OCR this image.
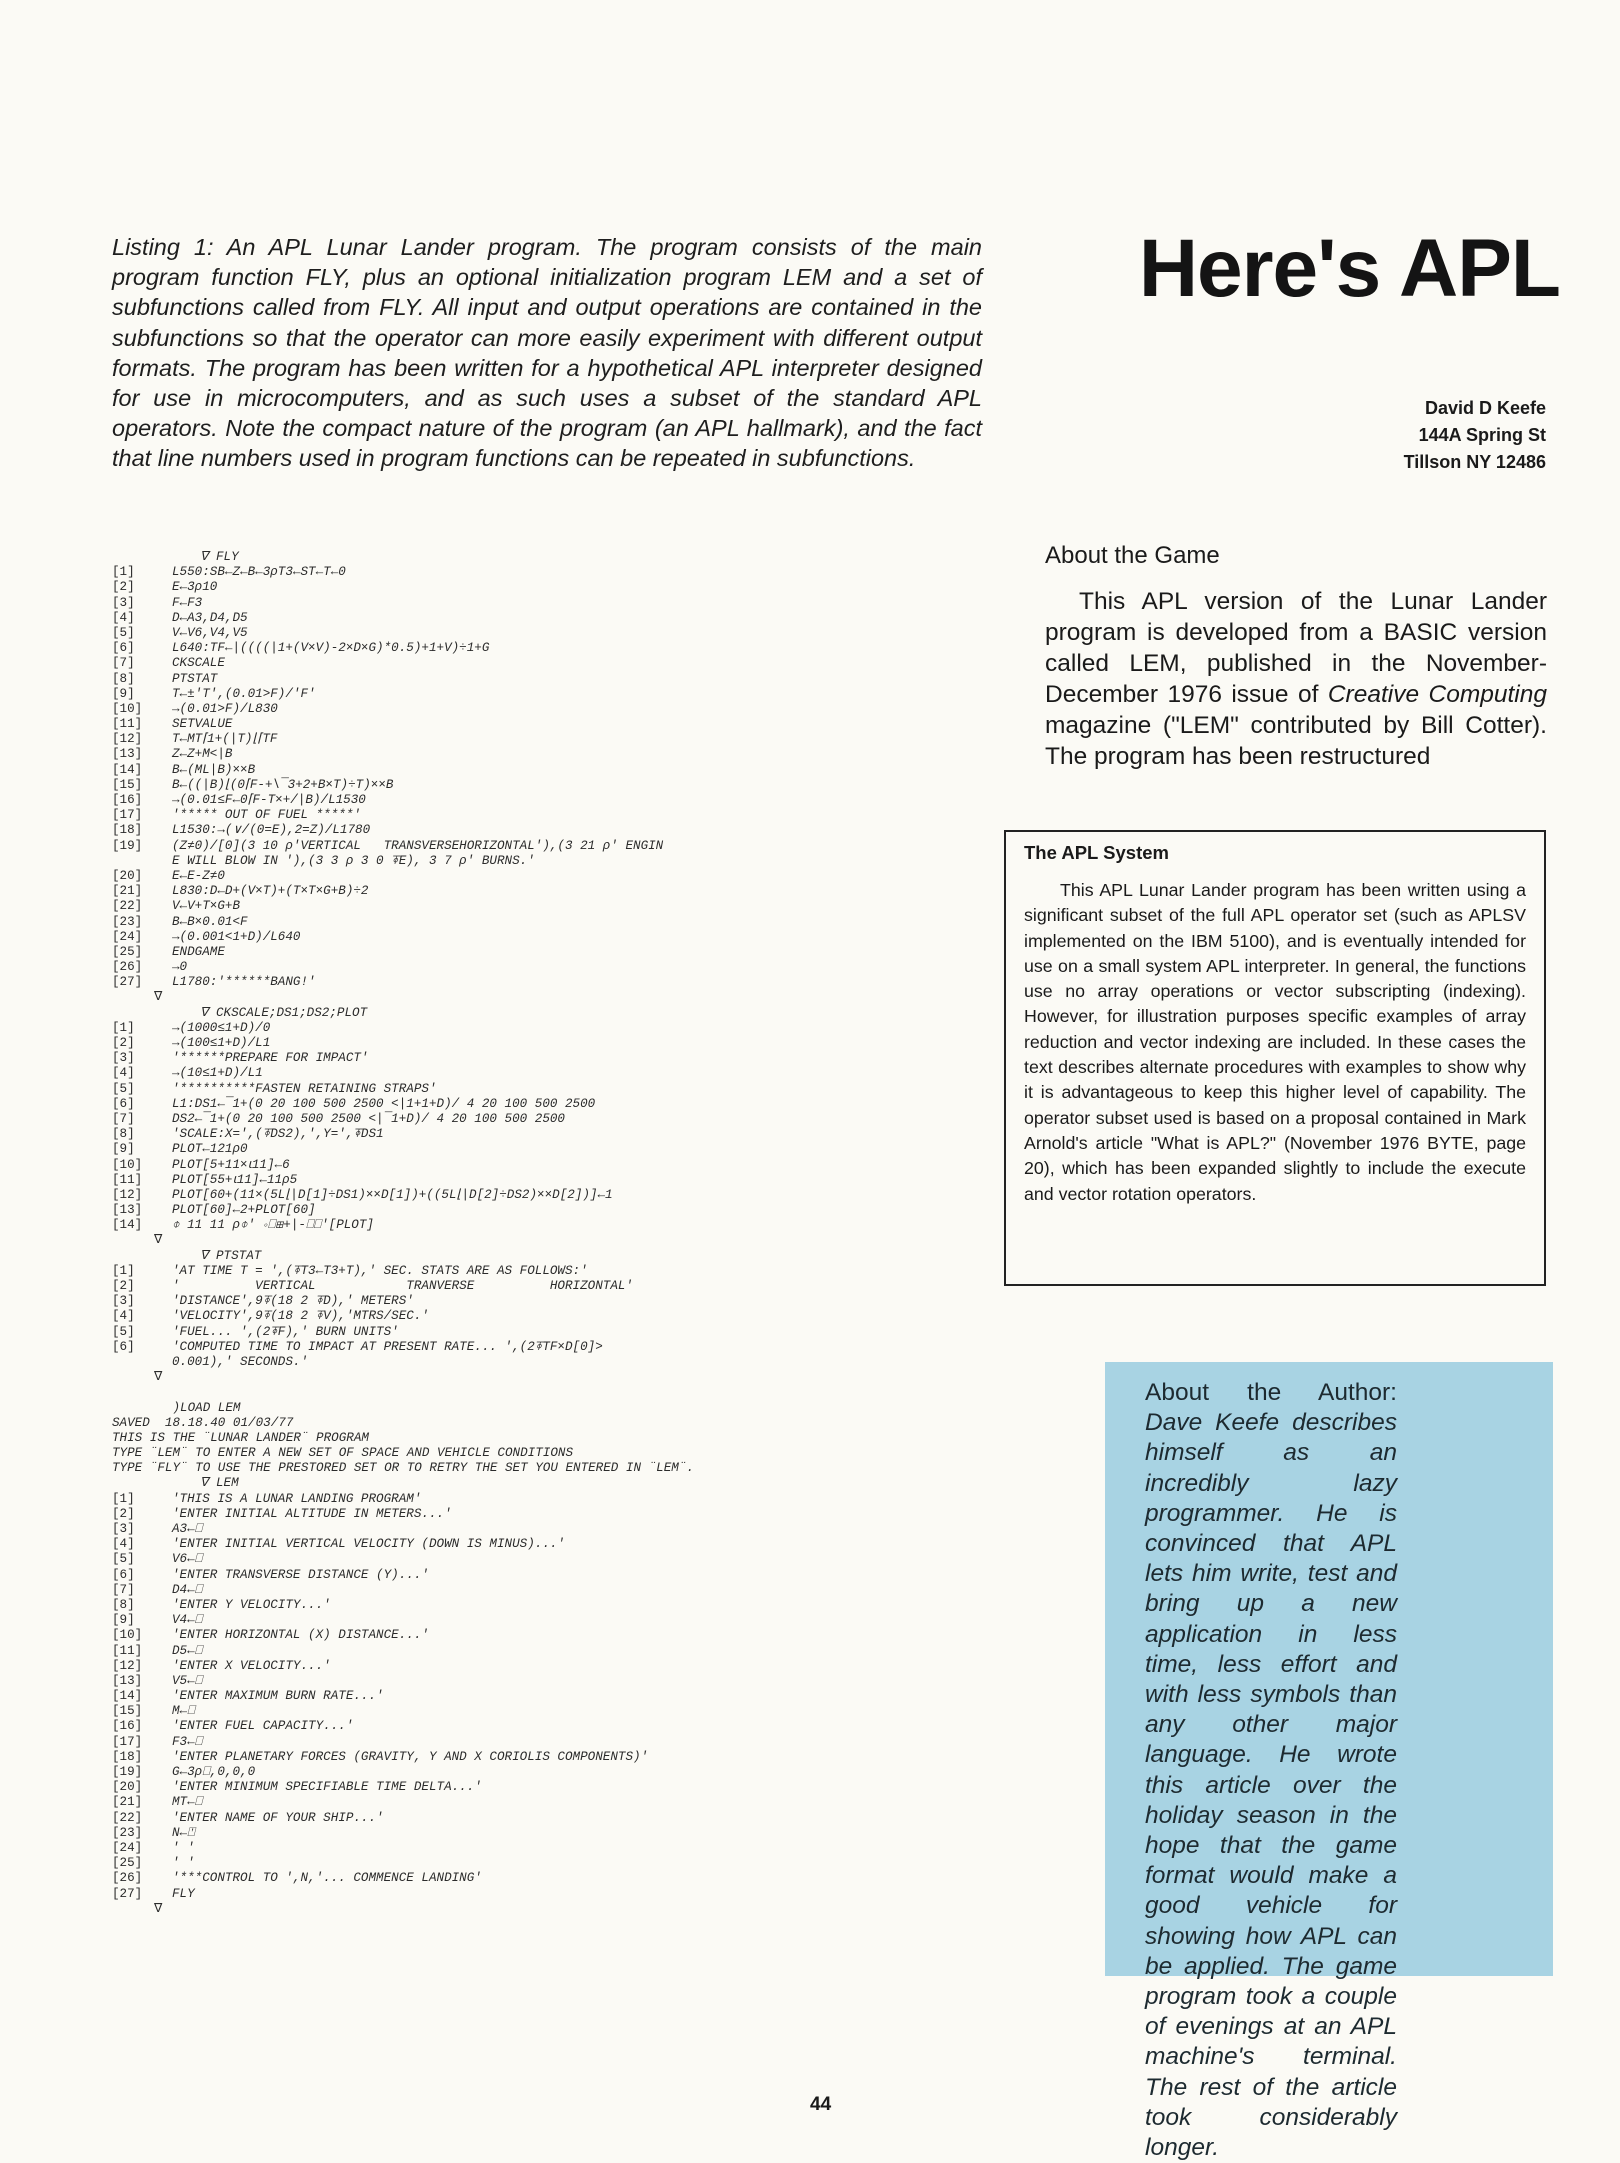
Listing 1: An APL Lunar Lander program. The program consists of the main program function FLY, plus an optional initialization program LEM and a set of subfunctions called from FLY. All input and output operations are contained in the subfunctions so that the operator can more easily experiment with different output formats. The program has been written for a hypothetical APL interpreter designed for use in microcomputers, and as such uses a subset of the standard APL operators. Note the compact nature of the program (an APL hallmark), and the fact that line numbers used in program functions can be repeated in subfunctions.
Here's APL
David D Keefe
144A Spring St
Tillson NY 12486
About the Game
This APL version of the Lunar Lander program is developed from a BASIC version called LEM, published in the November-December 1976 issue of Creative Computing magazine ("LEM" contributed by Bill Cotter). The program has been restructured
The APL System

This APL Lunar Lander program has been written using a significant subset of the full APL operator set (such as APLSV implemented on the IBM 5100), and is eventually intended for use on a small system APL interpreter. In general, the functions use no array operations or vector subscripting (indexing). However, for illustration purposes specific examples of array reduction and vector indexing are included. In these cases the text describes alternate procedures with examples to show why it is advantageous to keep this higher level of capability. The operator subset used is based on a proposal contained in Mark Arnold's article "What is APL?" (November 1976 BYTE, page 20), which has been expanded slightly to include the execute and vector rotation operators.

About the Author: Dave Keefe describes himself as an incredibly lazy programmer. He is convinced that APL lets him write, test and bring up a new application in less time, less effort and with less symbols than any other major language. He wrote this article over the holiday season in the hope that the game format would make a good vehicle for showing how APL can be applied. The game program took a couple of evenings at an APL machine's terminal. The rest of the article took considerably longer.
∇ FLY
[1]	L550:SB←Z←B←3ρT3←ST←T←0
[2]	E←3ρ10
[3]	F←F3
[4]	D←A3,D4,D5
[5]	V←V6,V4,V5
[6]	L640:TF←|((((|1+(V×V)-2×D×G)*0.5)+1+V)÷1+G
[7]	CKSCALE
[8]	PTSTAT
[9]	T←±'T',(0.01>F)/'F'
[10]	→(0.01>F)/L830
[11]	SETVALUE
[12]	T←MT⌈1+(|T)⌊⌈TF
[13]	Z←Z+M<|B
[14]	B←(ML|B)××B
[15]	B←((|B)⌊(0⌈F-+\¯3+2+B×T)÷T)××B
[16]	→(0.01≤F←0⌈F-T×+/|B)/L1530
[17]	'***** OUT OF FUEL *****'
[18]	L1530:→(∨/(0=E),2=Z)/L1780
[19]	(Z≠0)/[0](3 10 ρ'VERTICAL   TRANSVERSEHORIZONTAL'),(3 21 ρ' ENGIN
E WILL BLOW IN '),(3 3 ρ 3 0 ⍕E), 3 7 ρ' BURNS.'
[20]	E←E-Z≠0
[21]	L830:D←D+(V×T)+(T×T×G+B)÷2
[22]	V←V+T×G+B
[23]	B←B×0.01<F
[24]	→(0.001<1+D)/L640
[25]	ENDGAME
[26]	→0
[27]	L1780:'******BANG!'
∇
∇ CKSCALE;DS1;DS2;PLOT
[1]	→(1000≤1+D)/0
[2]	→(100≤1+D)/L1
[3]	'******PREPARE FOR IMPACT'
[4]	→(10≤1+D)/L1
[5]	'**********FASTEN RETAINING STRAPS'
[6]	L1:DS1←¯1+(0 20 100 500 2500 <|1+1+D)/ 4 20 100 500 2500
[7]	DS2←¯1+(0 20 100 500 2500 <|¯1+D)/ 4 20 100 500 2500
[8]	'SCALE:X=',(⍕DS2),',Y=',⍕DS1
[9]	PLOT←121ρ0
[10]	PLOT[5+11×⍳11]←6
[11]	PLOT[55+⍳11]←11ρ5
[12]	PLOT[60+(11×(5L⌊|D[1]÷DS1)××D[1])+((5L⌊|D[2]÷DS2)××D[2])]←1
[13]	PLOT[60]←2+PLOT[60]
[14]	⌽ 11 11 ρ⌽' ∘⎕⊞+|-⎕⎕'[PLOT]
∇
∇ PTSTAT
[1]	'AT TIME T = ',(⍕T3←T3+T),' SEC. STATS ARE AS FOLLOWS:'
[2]	'          VERTICAL            TRANVERSE          HORIZONTAL'
[3]	'DISTANCE',9⍕(18 2 ⍕D),' METERS'
[4]	'VELOCITY',9⍕(18 2 ⍕V),'MTRS/SEC.'
[5]	'FUEL... ',(2⍕F),' BURN UNITS'
[6]	'COMPUTED TIME TO IMPACT AT PRESENT RATE... ',(2⍕TF×D[0]>
0.001),' SECONDS.'
∇

)LOAD LEM
SAVED  18.18.40 01/03/77
THIS IS THE ¨LUNAR LANDER¨ PROGRAM
TYPE ¨LEM¨ TO ENTER A NEW SET OF SPACE AND VEHICLE CONDITIONS
TYPE ¨FLY¨ TO USE THE PRESTORED SET OR TO RETRY THE SET YOU ENTERED IN ¨LEM¨.
∇ LEM
[1]	'THIS IS A LUNAR LANDING PROGRAM'
[2]	'ENTER INITIAL ALTITUDE IN METERS...'
[3]	A3←⎕
[4]	'ENTER INITIAL VERTICAL VELOCITY (DOWN IS MINUS)...'
[5]	V6←⎕
[6]	'ENTER TRANSVERSE DISTANCE (Y)...'
[7]	D4←⎕
[8]	'ENTER Y VELOCITY...'
[9]	V4←⎕
[10]	'ENTER HORIZONTAL (X) DISTANCE...'
[11]	D5←⎕
[12]	'ENTER X VELOCITY...'
[13]	V5←⎕
[14]	'ENTER MAXIMUM BURN RATE...'
[15]	M←⎕
[16]	'ENTER FUEL CAPACITY...'
[17]	F3←⎕
[18]	'ENTER PLANETARY FORCES (GRAVITY, Y AND X CORIOLIS COMPONENTS)'
[19]	G←3ρ⎕,0,0,0
[20]	'ENTER MINIMUM SPECIFIABLE TIME DELTA...'
[21]	MT←⎕
[22]	'ENTER NAME OF YOUR SHIP...'
[23]	N←⍞
[24]	' '
[25]	' '
[26]	'***CONTROL TO ',N,'... COMMENCE LANDING'
[27]	FLY
∇
44
